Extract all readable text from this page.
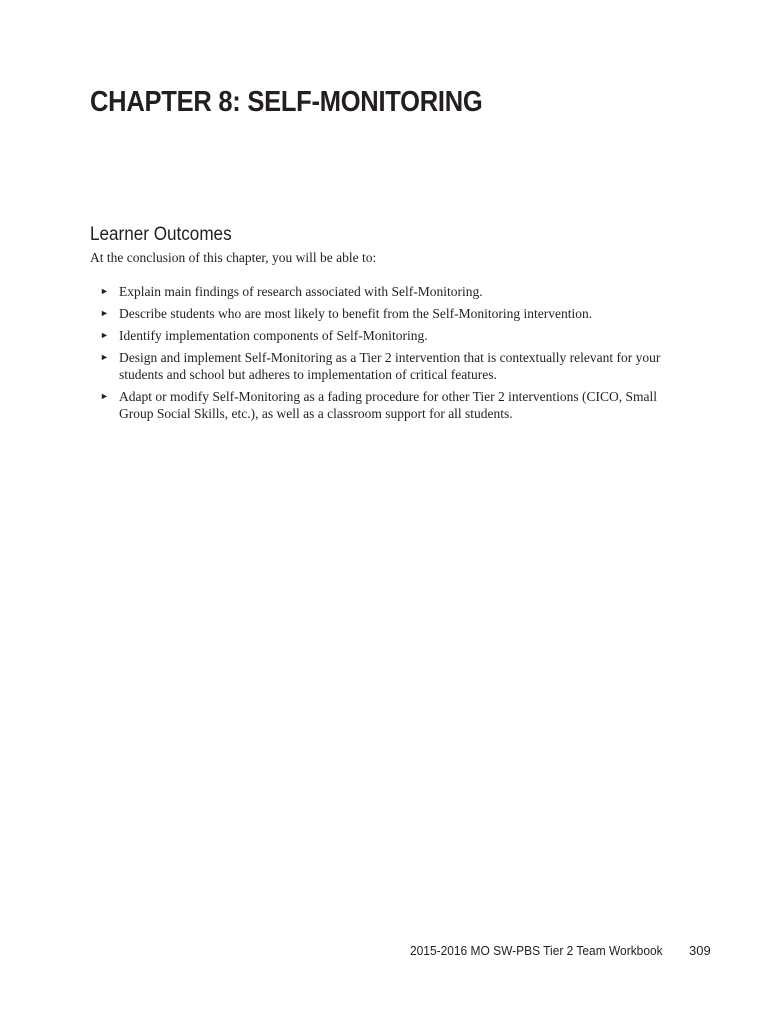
CHAPTER 8: SELF-MONITORING
Learner Outcomes

At the conclusion of this chapter, you will be able to:

► Explain main findings of research associated with Self-Monitoring.
► Describe students who are most likely to benefit from the Self-Monitoring intervention.
► Identify implementation components of Self-Monitoring.
► Design and implement Self-Monitoring as a Tier 2 intervention that is contextually relevant for your students and school but adheres to implementation of critical features.
► Adapt or modify Self-Monitoring as a fading procedure for other Tier 2 interventions (CICO, Small Group Social Skills, etc.), as well as a classroom support for all students.
2015-2016 MO SW-PBS Tier 2 Team Workbook 309
